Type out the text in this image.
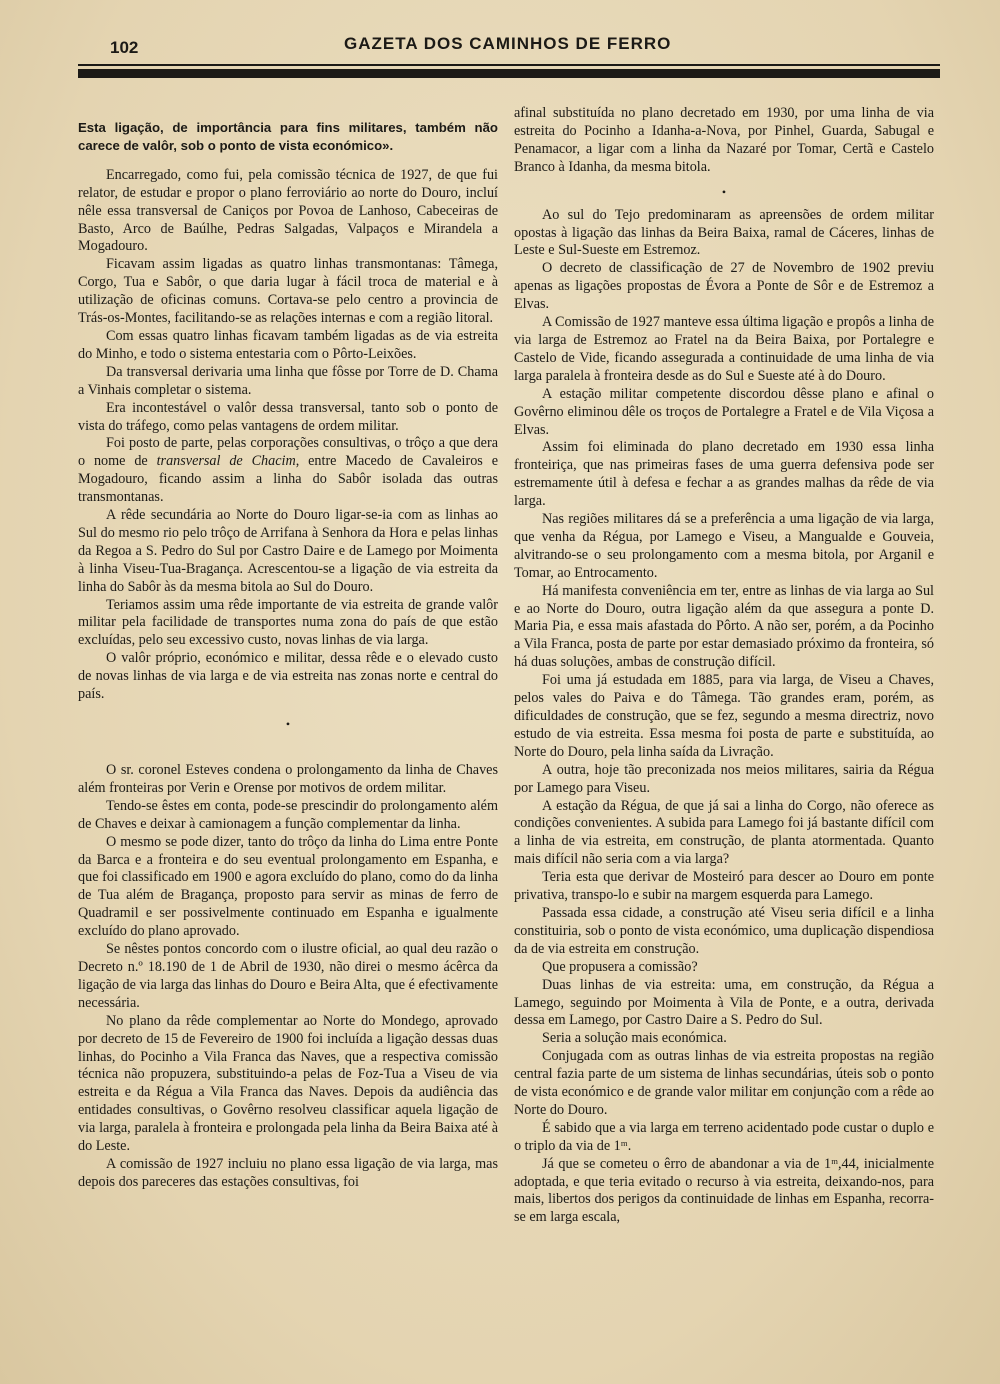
102	GAZETA DOS CAMINHOS DE FERRO

Esta ligação, de importância para fins militares, também não carece de valôr, sob o ponto de vista económico».

Encarregado, como fui, pela comissão técnica de 1927, de que fui relator, de estudar e propor o plano ferroviário ao norte do Douro, incluí nêle essa transversal de Caniços por Povoa de Lanhoso, Cabeceiras de Basto, Arco de Baúlhe, Pedras Salgadas, Valpaços e Mirandela a Mogadouro.

Ficavam assim ligadas as quatro linhas transmontanas: Tâmega, Corgo, Tua e Sabôr, o que daria lugar à fácil troca de material e à utilização de oficinas comuns. Cortava-se pelo centro a provincia de Trás-os-Montes, facilitando-se as relações internas e com a região litoral.

Com essas quatro linhas ficavam também ligadas as de via estreita do Minho, e todo o sistema entestaria com o Pôrto-Leixões.

Da transversal derivaria uma linha que fôsse por Torre de D. Chama a Vinhais completar o sistema.

Era incontestável o valôr dessa transversal, tanto sob o ponto de vista do tráfego, como pelas vantagens de ordem militar.

Foi posto de parte, pelas corporações consultivas, o trôço a que dera o nome de transversal de Chacim, entre Macedo de Cavaleiros e Mogadouro, ficando assim a linha do Sabôr isolada das outras transmontanas.

A rêde secundária ao Norte do Douro ligar-se-ia com as linhas ao Sul do mesmo rio pelo trôço de Arrifana à Senhora da Hora e pelas linhas da Regoa a S. Pedro do Sul por Castro Daire e de Lamego por Moimenta à linha Viseu-Tua-Bragança. Acrescentou-se a ligação de via estreita da linha do Sabôr às da mesma bitola ao Sul do Douro.

Teriamos assim uma rêde importante de via estreita de grande valôr militar pela facilidade de transportes numa zona do país de que estão excluídas, pelo seu excessivo custo, novas linhas de via larga.

O valôr próprio, económico e militar, dessa rêde e o elevado custo de novas linhas de via larga e de via estreita nas zonas norte e central do país.

•

O sr. coronel Esteves condena o prolongamento da linha de Chaves além fronteiras por Verin e Orense por motivos de ordem militar.

Tendo-se êstes em conta, pode-se prescindir do prolongamento além de Chaves e deixar à camionagem a função complementar da linha.

O mesmo se pode dizer, tanto do trôço da linha do Lima entre Ponte da Barca e a fronteira e do seu eventual prolongamento em Espanha, e que foi classificado em 1900 e agora excluído do plano, como do da linha de Tua além de Bragança, proposto para servir as minas de ferro de Quadramil e ser possivelmente continuado em Espanha e igualmente excluído do plano aprovado.

Se nêstes pontos concordo com o ilustre oficial, ao qual deu razão o Decreto n.º 18.190 de 1 de Abril de 1930, não direi o mesmo ácêrca da ligação de via larga das linhas do Douro e Beira Alta, que é efectivamente necessária.

No plano da rêde complementar ao Norte do Mondego, aprovado por decreto de 15 de Fevereiro de 1900 foi incluída a ligação dessas duas linhas, do Pocinho a Vila Franca das Naves, que a respectiva comissão técnica não propuzera, substituindo-a pelas de Foz-Tua a Viseu de via estreita e da Régua a Vila Franca das Naves. Depois da audiência das entidades consultivas, o Govêrno resolveu classificar aquela ligação de via larga, paralela à fronteira e prolongada pela linha da Beira Baixa até à do Leste.

A comissão de 1927 incluiu no plano essa ligação de via larga, mas depois dos pareceres das estações consultivas, foi

afinal substituída no plano decretado em 1930, por uma linha de via estreita do Pocinho a Idanha-a-Nova, por Pinhel, Guarda, Sabugal e Penamacor, a ligar com a linha da Nazaré por Tomar, Certã e Castelo Branco à Idanha, da mesma bitola.

•

Ao sul do Tejo predominaram as apreensões de ordem militar opostas à ligação das linhas da Beira Baixa, ramal de Cáceres, linhas de Leste e Sul-Sueste em Estremoz.

O decreto de classificação de 27 de Novembro de 1902 previu apenas as ligações propostas de Évora a Ponte de Sôr e de Estremoz a Elvas.

A Comissão de 1927 manteve essa última ligação e propôs a linha de via larga de Estremoz ao Fratel na da Beira Baixa, por Portalegre e Castelo de Vide, ficando assegurada a continuidade de uma linha de via larga paralela à fronteira desde as do Sul e Sueste até à do Douro.

A estação militar competente discordou dêsse plano e afinal o Govêrno eliminou dêle os troços de Portalegre a Fratel e de Vila Viçosa a Elvas.

Assim foi eliminada do plano decretado em 1930 essa linha fronteiriça, que nas primeiras fases de uma guerra defensiva pode ser estremamente útil à defesa e fechar a as grandes malhas da rêde de via larga.

Nas regiões militares dá se a preferência a uma ligação de via larga, que venha da Régua, por Lamego e Viseu, a Mangualde e Gouveia, alvitrando-se o seu prolongamento com a mesma bitola, por Arganil e Tomar, ao Entrocamento.

Há manifesta conveniência em ter, entre as linhas de via larga ao Sul e ao Norte do Douro, outra ligação além da que assegura a ponte D. Maria Pia, e essa mais afastada do Pôrto. A não ser, porém, a da Pocinho a Vila Franca, posta de parte por estar demasiado próximo da fronteira, só há duas soluções, ambas de construção difícil.

Foi uma já estudada em 1885, para via larga, de Viseu a Chaves, pelos vales do Paiva e do Tâmega. Tão grandes eram, porém, as dificuldades de construção, que se fez, segundo a mesma directriz, novo estudo de via estreita. Essa mesma foi posta de parte e substituída, ao Norte do Douro, pela linha saída da Livração.

A outra, hoje tão preconizada nos meios militares, sairia da Régua por Lamego para Viseu.

A estação da Régua, de que já sai a linha do Corgo, não oferece as condições convenientes. A subida para Lamego foi já bastante difícil com a linha de via estreita, em construção, de planta atormentada. Quanto mais difícil não seria com a via larga?

Teria esta que derivar de Mosteiró para descer ao Douro em ponte privativa, transpo-lo e subir na margem esquerda para Lamego.

Passada essa cidade, a construção até Viseu seria difícil e a linha constituiria, sob o ponto de vista económico, uma duplicação dispendiosa da de via estreita em construção.

Que propusera a comissão?

Duas linhas de via estreita: uma, em construção, da Régua a Lamego, seguindo por Moimenta à Vila de Ponte, e a outra, derivada dessa em Lamego, por Castro Daire a S. Pedro do Sul.

Seria a solução mais económica.

Conjugada com as outras linhas de via estreita propostas na região central fazia parte de um sistema de linhas secundárias, úteis sob o ponto de vista económico e de grande valor militar em conjunção com a rêde ao Norte do Douro.

É sabido que a via larga em terreno acidentado pode custar o duplo e o triplo da via de 1ᵐ.

Já que se cometeu o êrro de abandonar a via de 1ᵐ,44, inicialmente adoptada, e que teria evitado o recurso à via estreita, deixando-nos, para mais, libertos dos perigos da continuidade de linhas em Espanha, recorra-se em larga escala,
